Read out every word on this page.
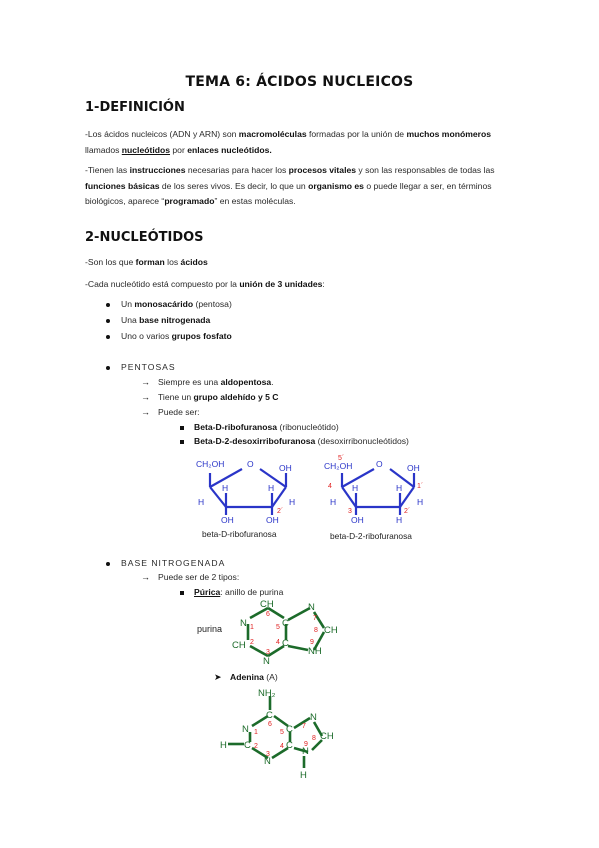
TEMA 6: ÁCIDOS NUCLEICOS
1-DEFINICIÓN
-Los ácidos nucleicos (ADN y ARN) son macromoléculas formadas por la unión de muchos monómeros llamados nucleótidos por enlaces nucleótidos.
-Tienen las instrucciones necesarias para hacer los procesos vitales y son las responsables de todas las funciones básicas de los seres vivos. Es decir, lo que un organismo es o puede llegar a ser, en términos biológicos, aparece “programado” en estas moléculas.
2-NUCLEÓTIDOS
-Son los que forman los ácidos
-Cada nucleótido está compuesto por la unión de 3 unidades:
Un monosacárido (pentosa)
Una base nitrogenada
Uno o varios grupos fosfato
PENTOSAS
→ Siempre es una aldopentosa.
→ Tiene un grupo aldehído y 5 C
→ Puede ser:
Beta-D-ribofuranosa (ribonucleótido)
Beta-D-2-desoxirribofuranosa (desoxirribonucleótidos)
CH₂OH	O	OH
H	H
H	H
OH	OH
2´
beta-D-ribofuranosa
CH₂OH	O	OH
H	H
H	H
OH	H
5´
4	1´
3	2´
beta-D-2-ribofuranosa
BASE NITROGENADA
→ Puede ser de 2 tipos:
Púrica: anillo de purina
purina
CH
N	C
N
CH
CH	C
N
NH
6
1	5
7
8
2	4
3
9
➤ Adenina (A)
NH₂
C
N	C
N
CH
H C	C
N
N
H
6
1	5
7
8
2	4
3
9
